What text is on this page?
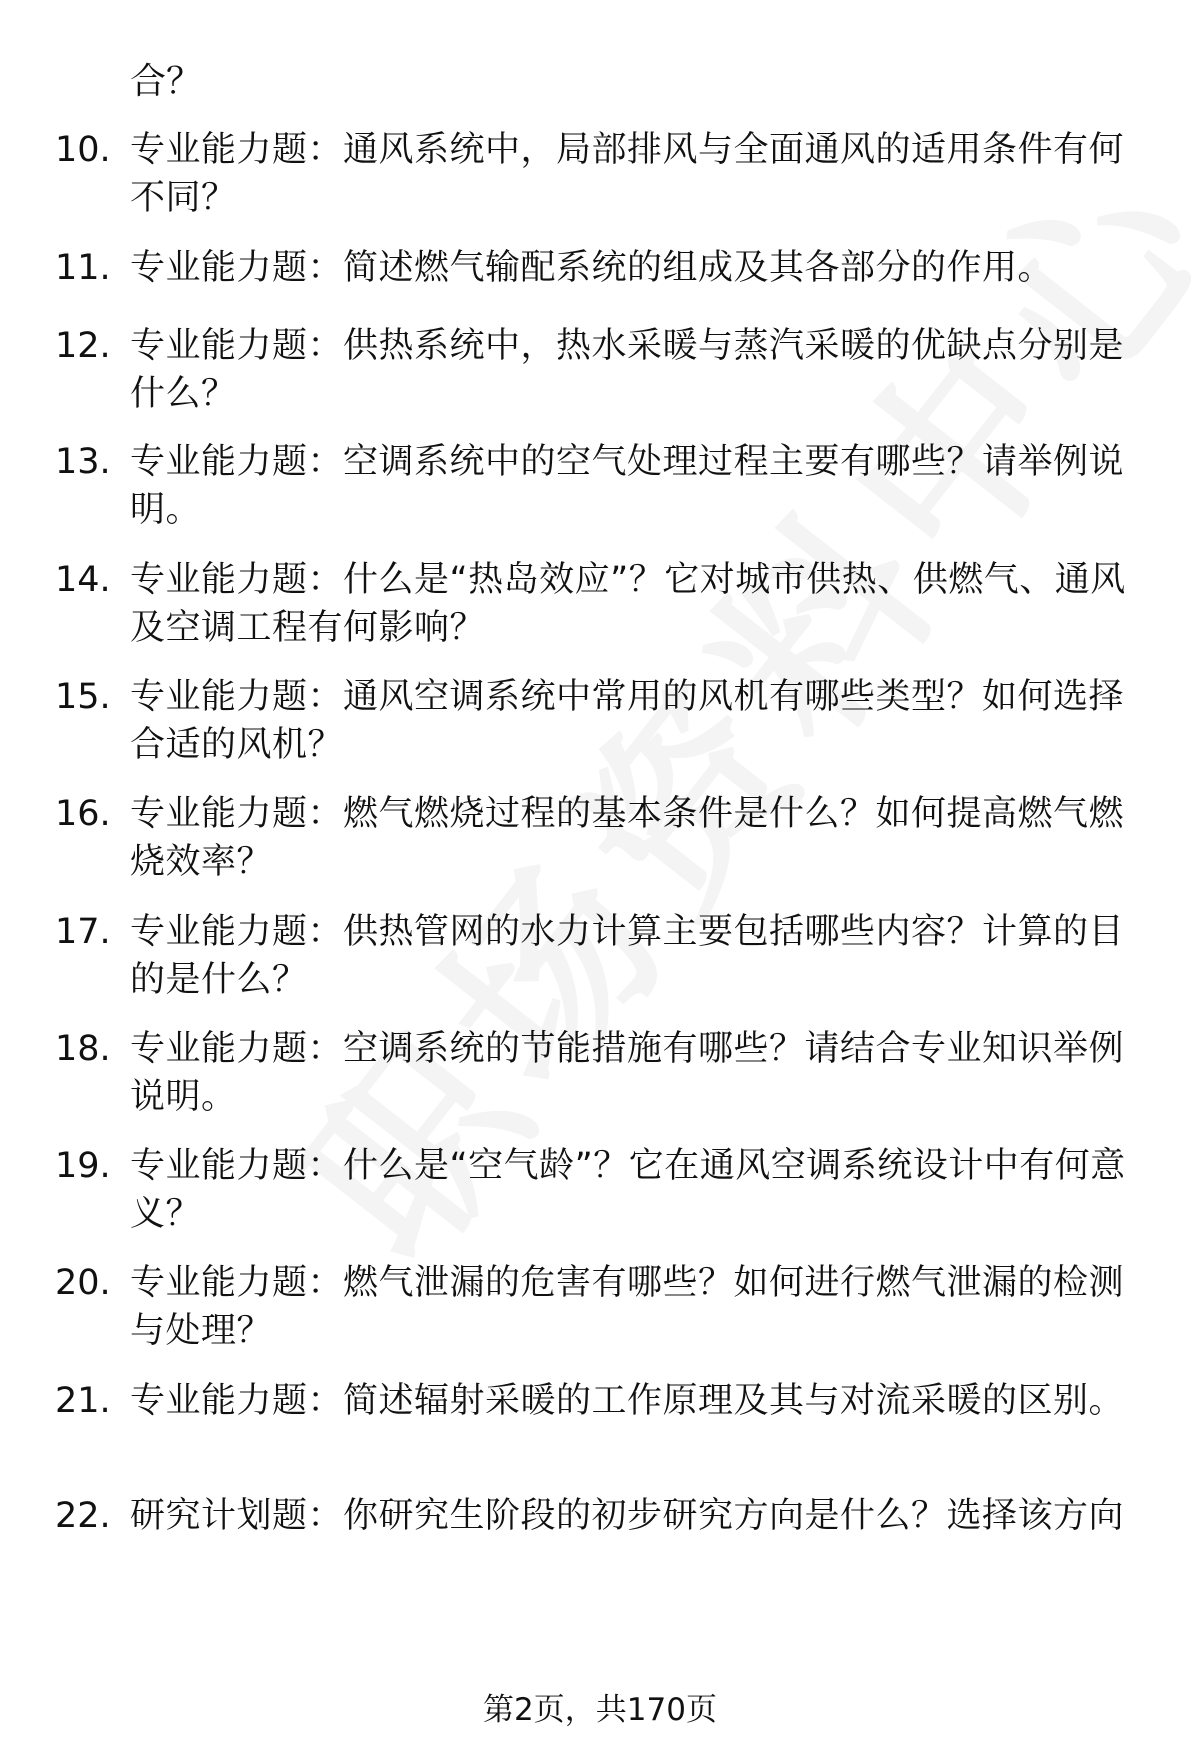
合？
10. 专业能力题：通风系统中，局部排风与全面通风的适用条件有何不同？
11. 专业能力题：简述燃气输配系统的组成及其各部分的作用。
12. 专业能力题：供热系统中，热水采暖与蒸汽采暖的优缺点分别是什么？
13. 专业能力题：空调系统中的空气处理过程主要有哪些？请举例说明。
14. 专业能力题：什么是“热岛效应”？它对城市供热、供燃气、通风及空调工程有何影响？
15. 专业能力题：通风空调系统中常用的风机有哪些类型？如何选择合适的风机？
16. 专业能力题：燃气燃烧过程的基本条件是什么？如何提高燃气燃烧效率？
17. 专业能力题：供热管网的水力计算主要包括哪些内容？计算的目的是什么？
18. 专业能力题：空调系统的节能措施有哪些？请结合专业知识举例说明。
19. 专业能力题：什么是“空气龄”？它在通风空调系统设计中有何意义？
20. 专业能力题：燃气泄漏的危害有哪些？如何进行燃气泄漏的检测与处理？
21. 专业能力题：简述辐射采暖的工作原理及其与对流采暖的区别。
22. 研究计划题：你研究生阶段的初步研究方向是什么？选择该方向
第2页，共170页
